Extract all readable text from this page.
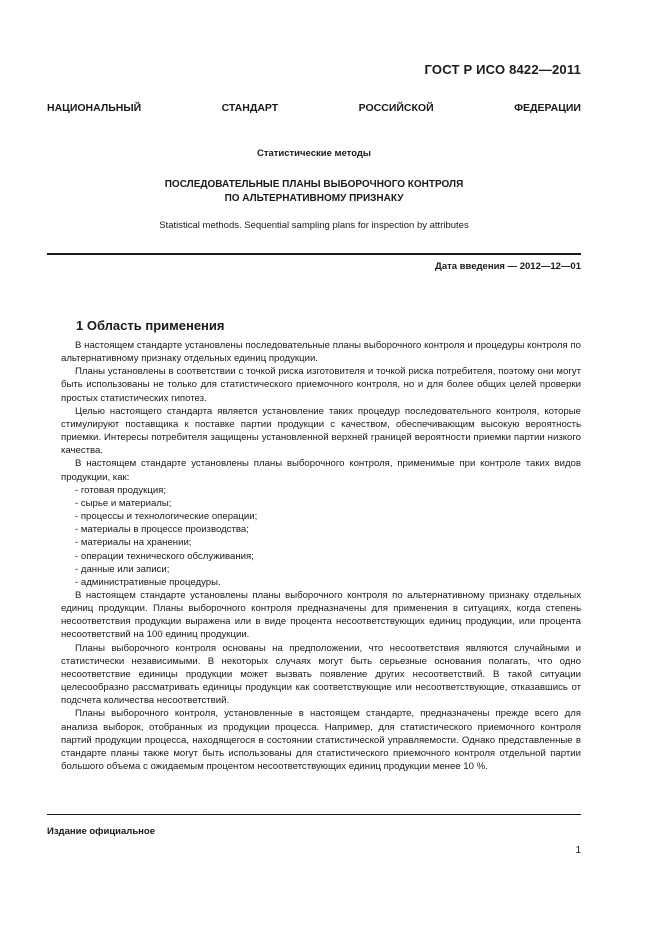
ГОСТ Р ИСО 8422—2011
НАЦИОНАЛЬНЫЙ	СТАНДАРТ	РОССИЙСКОЙ	ФЕДЕРАЦИИ
Статистические методы
ПОСЛЕДОВАТЕЛЬНЫЕ ПЛАНЫ ВЫБОРОЧНОГО КОНТРОЛЯ
ПО АЛЬТЕРНАТИВНОМУ ПРИЗНАКУ
Statistical methods. Sequential sampling plans for inspection by attributes
Дата введения — 2012—12—01
1 Область применения

В настоящем стандарте установлены последовательные планы выборочного контроля и процедуры контроля по альтернативному признаку отдельных единиц продукции.

Планы установлены в соответствии с точкой риска изготовителя и точкой риска потребителя, поэтому они могут быть использованы не только для статистического приемочного контроля, но и для более общих целей проверки простых статистических гипотез.

Целью настоящего стандарта является установление таких процедур последовательного контроля, которые стимулируют поставщика к поставке партии продукции с качеством, обеспечивающим высокую вероятность приемки. Интересы потребителя защищены установленной верхней границей вероятности приемки партии низкого качества.

В настоящем стандарте установлены планы выборочного контроля, применимые при контроле таких видов продукции, как:

- готовая продукция;
- сырье и материалы;
- процессы и технологические операции;
- материалы в процессе производства;
- материалы на хранении;
- операции технического обслуживания;
- данные или записи;
- административные процедуры.

В настоящем стандарте установлены планы выборочного контроля по альтернативному признаку отдельных единиц продукции. Планы выборочного контроля предназначены для применения в ситуациях, когда степень несоответствия продукции выражена или в виде процента несоответствующих единиц продукции, или процента несоответствий на 100 единиц продукции.

Планы выборочного контроля основаны на предположении, что несоответствия являются случайными и статистически независимыми. В некоторых случаях могут быть серьезные основания полагать, что одно несоответствие единицы продукции может вызвать появление других несоответствий. В такой ситуации целесообразно рассматривать единицы продукции как соответствующие или несоответствующие, отказавшись от подсчета количества несоответствий.

Планы выборочного контроля, установленные в настоящем стандарте, предназначены прежде всего для анализа выборок, отобранных из продукции процесса. Например, для статистического приемочного контроля партий продукции процесса, находящегося в состоянии статистической управляемости. Однако представленные в стандарте планы также могут быть использованы для статистического приемочного контроля отдельной партии большого объема с ожидаемым процентом несоответствующих единиц продукции менее 10 %.

Издание официальное
1
